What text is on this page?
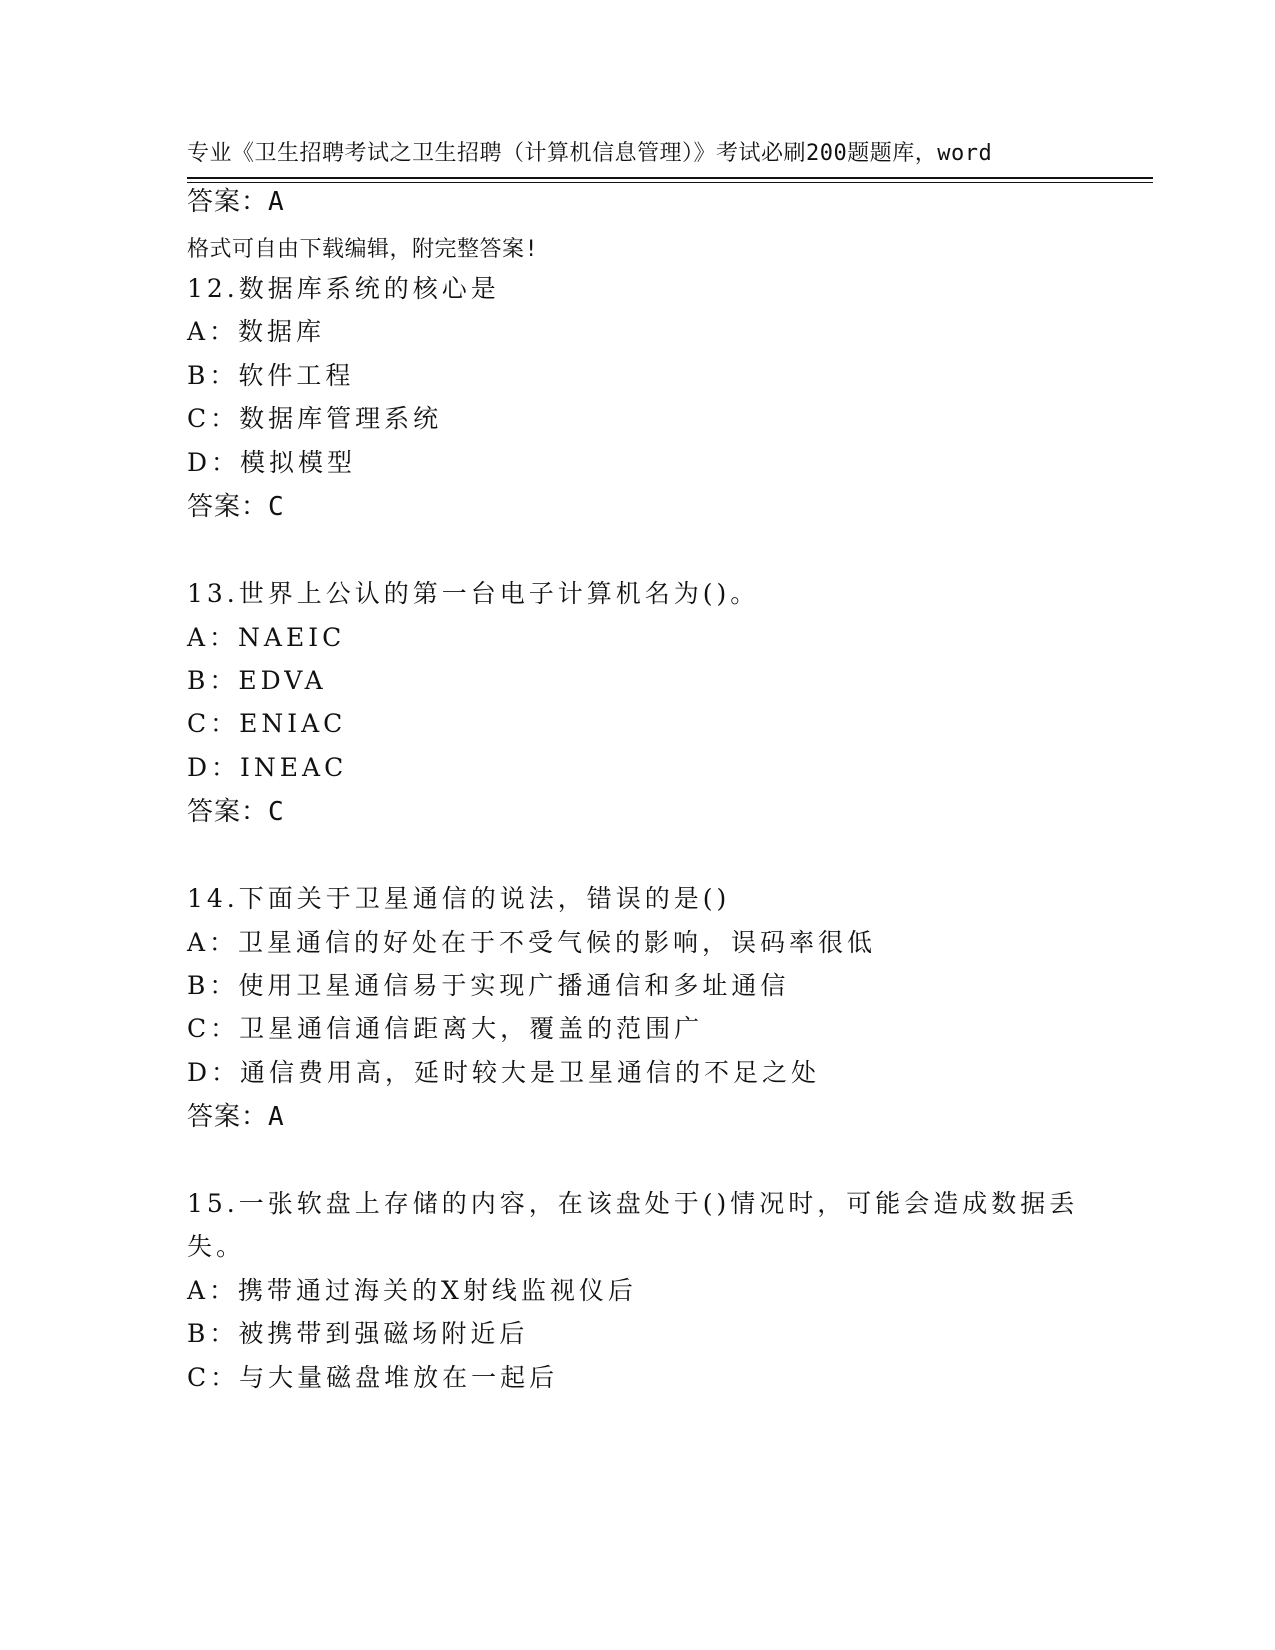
专业《卫生招聘考试之卫生招聘（计算机信息管理）》考试必刷200题题库，word

格式可自由下载编辑，附完整答案!

答案：A
12.数据库系统的核心是
A：数据库
B：软件工程
C：数据库管理系统
D：模拟模型
答案：C
13.世界上公认的第一台电子计算机名为()。
A：NAEIC
B：EDVA
C：ENIAC
D：INEAC
答案：C
14.下面关于卫星通信的说法，错误的是()
A：卫星通信的好处在于不受气候的影响，误码率很低
B：使用卫星通信易于实现广播通信和多址通信
C：卫星通信通信距离大，覆盖的范围广
D：通信费用高，延时较大是卫星通信的不足之处
答案：A
15.一张软盘上存储的内容，在该盘处于()情况时，可能会造成数据丢
失。
A：携带通过海关的X射线监视仪后
B：被携带到强磁场附近后
C：与大量磁盘堆放在一起后
